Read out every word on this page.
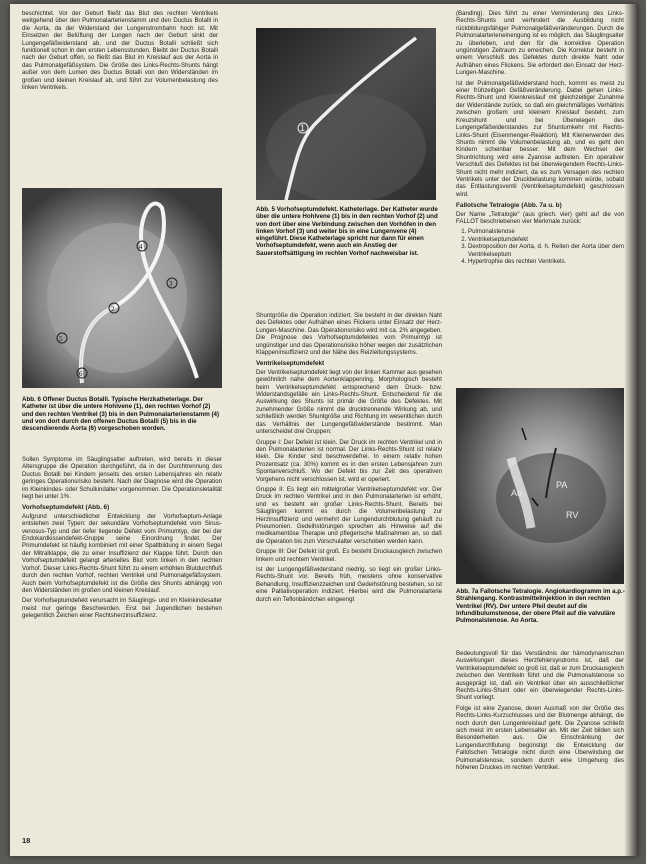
beschichtet. Vor der Geburt fließt das Blut des rechten Ventrikels weitgehend über den Pulmonalarterienstamm und den Ductus Botalli in die Aorta, da der Widerstand der Lungenstrombahn hoch ist. Mit Einsetzen der Belüftung der Lungen nach der Geburt sinkt der Lungengefäßwiderstand ab, und der Ductus Botalli schließt sich funktionell schon in den ersten Lebensstunden. Bleibt der Ductus Botalli nach der Geburt offen, so fließt das Blut im Kreislauf aus der Aorta in das Pulmonalgefäßsystem. Die Größe des Links-Rechts-Shunts hängt außer von dem Lumen des Ductus Botalli von den Widerständen im großen und kleinen Kreislauf ab, und führt zur Volumenbelastung des linken Ventrikels.

2
3
4
5
6
Abb. 6 Offener Ductus Botalli. Typische Herzkatheterlage. Der Katheter ist über die untere Hohlvene (1), den rechten Vorhof (2) und den rechten Ventrikel (3) bis in den Pulmonalarterienstamm (4) und von dort durch den offenen Ductus Botalli (5) bis in die descendierende Aorta (6) vorgeschoben worden.

Sollen Symptome im Säuglingsalter auftreten, wird bereits in dieser Altersgruppe die Operation durchgeführt, da in der Durchtrennung des Ductus Botalli bei Kindern jenseits des ersten Lebensjahres ein relativ geringes Operationsrisiko besteht. Nach der Diagnose wird die Operation im Kleinkindes- oder Schulkindalter vorgenommen. Die Operationsletalität liegt bei unter 1%.

Vorhofseptumdefekt (Abb. 6)

Aufgrund unterschiedlicher Entwicklung der Vorhofseptum-Anlage entstehen zwei Typen: der sekundäre Vorhofseptumdefekt vom Sinus-venosus-Typ und der tiefer liegende Defekt vom Primumtyp, der bei der Endokardkissendefekt-Gruppe seine Einordnung findet. Der Primumdefekt ist häufig kombiniert mit einer Spaltbildung in einem Segel der Mitralklappe, die zu einer Insuffizienz der Klappe führt. Durch den Vorhofseptumdefekt gelangt arterielles Blut vom linken in den rechten Vorhof. Dieser Links-Rechts-Shunt führt zu einem erhöhten Blutdurchfluß durch den rechten Vorhof, rechten Ventrikel und Pulmonalgefäßsystem. Auch beim Vorhofseptumdefekt ist die Größe des Shunts abhängig von den Widerständen im großen und kleinen Kreislauf.

Der Vorhofseptumdefekt verursacht im Säuglings- und im Kleinkindesalter meist nur geringe Beschwerden. Erst bei Jugendlichen bestehen gelegentlich Zeichen einer Rechtsherzinsuffizienz.

18
1
Abb. 5 Vorhofseptumdefekt. Katheterlage. Der Katheter wurde über die untere Hohlvene (1) bis in den rechten Vorhof (2) und von dort über eine Verbindung zwischen den Vorhöfen in den linken Vorhof (3) und weiter bis in eine Lungenvene (4) eingeführt. Diese Katheterlage spricht nur dann für einen Vorhofseptumdefekt, wenn auch ein Anstieg der Sauerstoffsättigung im rechten Vorhof nachweisbar ist.

Shuntgröße die Operation indiziert. Sie besteht in der direkten Naht des Defektes oder Aufnähen eines Flickens unter Einsatz der Herz-Lungen-Maschine. Das Operationsrisiko wird mit ca. 2% angegeben. Die Prognose des Vorhofseptumdefektes vom Primumtyp ist ungünstiger und das Operationsrisiko höher wegen der zusätzlichen Klappeninsuffizienz und der Nähe des Reizleitungssystems.

Ventrikelseptumdefekt

Der Ventrikelseptumdefekt liegt von der linken Kammer aus gesehen gewöhnlich nahe dem Aortenklappenring. Morphologisch besteht beim Ventrikelseptumdefekt entsprechend dem Druck- bzw. Widerstandsgefälle ein Links-Rechts-Shunt. Entscheidend für die Auswirkung des Shunts ist primär die Größe des Defektes. Mit zunehmender Größe nimmt die drucktrennende Wirkung ab, und schließlich werden Shuntgröße und Richtung im wesentlichen durch das Verhältnis der Lungengefäßwiderstände bestimmt. Man unterscheidet drei Gruppen:

Gruppe I: Der Defekt ist klein. Der Druck im rechten Ventrikel und in den Pulmonalarterien ist normal. Der Links-Rechts-Shunt ist relativ klein. Die Kinder sind beschwerdefrei. In einem relativ hohen Prozentsatz (ca. 30%) kommt es in den ersten Lebensjahren zum Spontanverschluß. Wo der Defekt bis zur Zeit des operativen Vorgehens nicht verschlossen ist, wird er operiert.

Gruppe II: Es liegt ein mittelgroßer Ventrikelseptumdefekt vor. Der Druck im rechten Ventrikel und in den Pulmonalarterien ist erhöht, und es besteht ein großer Links-Rechts-Shunt. Bereits bei Säuglingen kommt es durch die Volumenbelastung zur Herzinsuffizienz und vermehrt der Lungendurchblutung gehäuft zu Pneumonien. Gedeihstörungen sprechen als Hinweise auf die medikamentöse Therapie und pflegerische Maßnahmen an, so daß die Operation bis zum Vorschulalter verschoben werden kann.

Gruppe III: Der Defekt ist groß. Es besteht Druckausgleich zwischen linkem und rechtem Ventrikel.

Ist der Lungengefäßwiderstand niedrig, so liegt ein großer Links-Rechts-Shunt vor. Bereits früh, meistens ohne konservative Behandlung, Insuffizienzzeichen und Gedeihstörung bestehen, so ist eine Palliativoperation indiziert. Hierbei wird die Pulmonalarterie durch ein Teflonbändchen eingeengt

(Banding). Dies führt zu einer Verminderung des Links-Rechts-Shunts und verhindert die Ausbildung nicht rückbildungsfähiger Pulmonalgefäßveränderungen. Durch die Pulmonalarterieneinengung ist es möglich, das Säuglingsalter zu überleben, und den für die korrektive Operation ungünstigen Zeitraum zu erreichen. Die Korrektur besteht in einem Verschluß des Defektes durch direkte Naht oder Aufnähen eines Flickens. Sie erfordert den Einsatz der Herz-Lungen-Maschine.

Ist der Pulmonalgefäßwiderstand hoch, kommt es meist zu einer frühzeitigen Gefäßveränderung. Dabei gehen Links-Rechts-Shunt und Kleinkreislauf mit gleichzeitiger Zunahme der Widerstände zurück, so daß ein gleichmäßiges Verhältnis zwischen großem und kleinem Kreislauf besteht, zum Kreuzshunt und bei Überwiegen des Lungengefäßwiderstandes zur Shuntumkehr mit Rechts-Links-Shunt (Eisenmenger-Reaktion). Mit Kleinerwerden des Shunts nimmt die Volumenbelastung ab, und es geht den Kindern scheinbar besser. Mit dem Wechsel der Shuntrichtung wird eine Zyanose auftreten. Ein operativer Verschluß des Defektes ist bei überwiegendem Rechts-Links-Shunt nicht mehr indiziert, da es zum Versagen des rechten Ventrikels unter der Druckbelastung kommen würde, sobald das Entlastungsventil (Ventrikelseptumdefekt) geschlossen wird.

Fallotsche Tetralogie (Abb. 7a u. b)

Der Name „Tetralogie“ (aus griech. vier) geht auf die von FALLOT beschriebenen vier Merkmale zurück:

1. Pulmonalstenose
2. Ventrikelseptumdefekt
3. Dextroposition der Aorta, d. h. Reiten der Aorta über dem Ventrikelseptum
4. Hypertrophie des rechten Ventrikels.
Ao
PA
RV
Abb. 7a Fallotsche Tetralogie. Angiokardiogramm im a.p.-Strahlengang. Kontrastmittelinjektion in den rechten Ventrikel (RV). Der untere Pfeil deutet auf die Infundibulumstenose, der obere Pfeil auf die valvuläre Pulmonalstenose. Ao Aorta.

Bedeutungsvoll für das Verständnis der hämodynamischen Auswirkungen dieses Herzfehlersyndroms ist, daß der Ventrikelseptumdefekt so groß ist, daß er zum Druckausgleich zwischen den Ventrikeln führt und die Pulmonalstenose so ausgeprägt ist, daß ein Ventrikel über ein ausschließlicher Rechts-Links-Shunt oder ein überwiegender Rechts-Links-Shunt vorliegt.

Folge ist eine Zyanose, deren Ausmaß von der Größe des Rechts-Links-Kurzschlusses und der Blutmenge abhängt, die noch durch den Lungenkreislauf geht. Die Zyanose schließt sich meist im ersten Lebensalter an. Mit der Zeit bilden sich Besonderheiten aus. Die Einschränkung der Lungendurchflutung begünstigt die Entwicklung der Fallotschen Tetralogie nicht durch eine Überwindung der Pulmonalstenose, sondern durch eine Umgehung des höheren Druckes im rechten Ventrikel.
